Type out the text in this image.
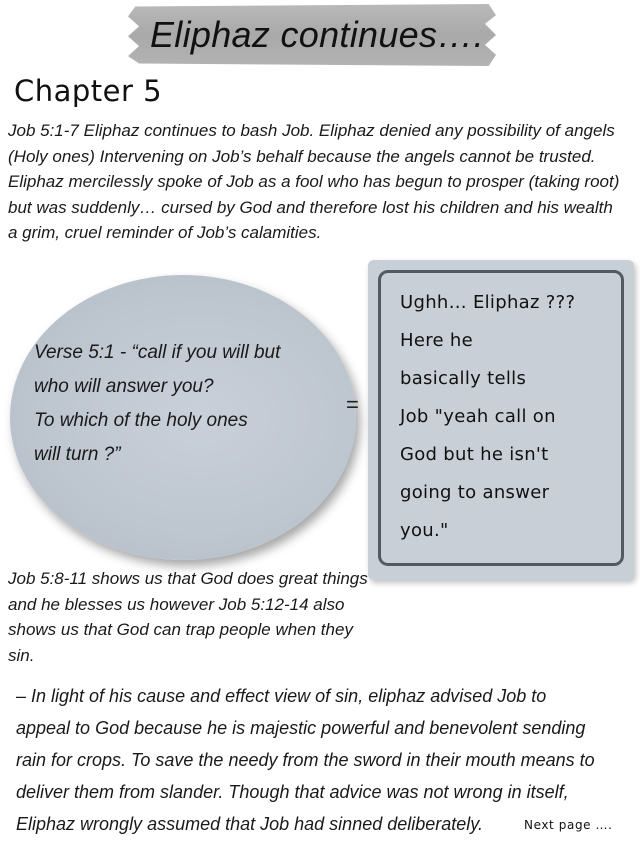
Eliphaz continues….
Chapter 5
Job 5:1-7 Eliphaz continues to bash Job. Eliphaz denied any possibility of angels
(Holy ones) Intervening on Job’s behalf because the angels cannot be trusted.
Eliphaz mercilessly spoke of Job as a fool who has begun to prosper (taking root)
but was suddenly… cursed by God and therefore lost his children and his wealth
a grim, cruel reminder of Job’s calamities.
Verse 5:1 - “call if you will but
who will answer you?
To which of the holy ones
will turn ?”
=
Ughh… Eliphaz ???
Here he
basically tells
Job "yeah call on
God but he isn't
going to answer
you."
Job 5:8-11 shows us that God does great things
and he blesses us however Job 5:12-14 also
shows us that God can trap people when they
sin.
– In light of his cause and effect view of sin, eliphaz advised Job to
appeal to God because he is majestic powerful and benevolent sending
rain for crops. To save the needy from the sword in their mouth means to
deliver them from slander. Though that advice was not wrong in itself,
Eliphaz wrongly assumed that Job had sinned deliberately.	Next page ….
